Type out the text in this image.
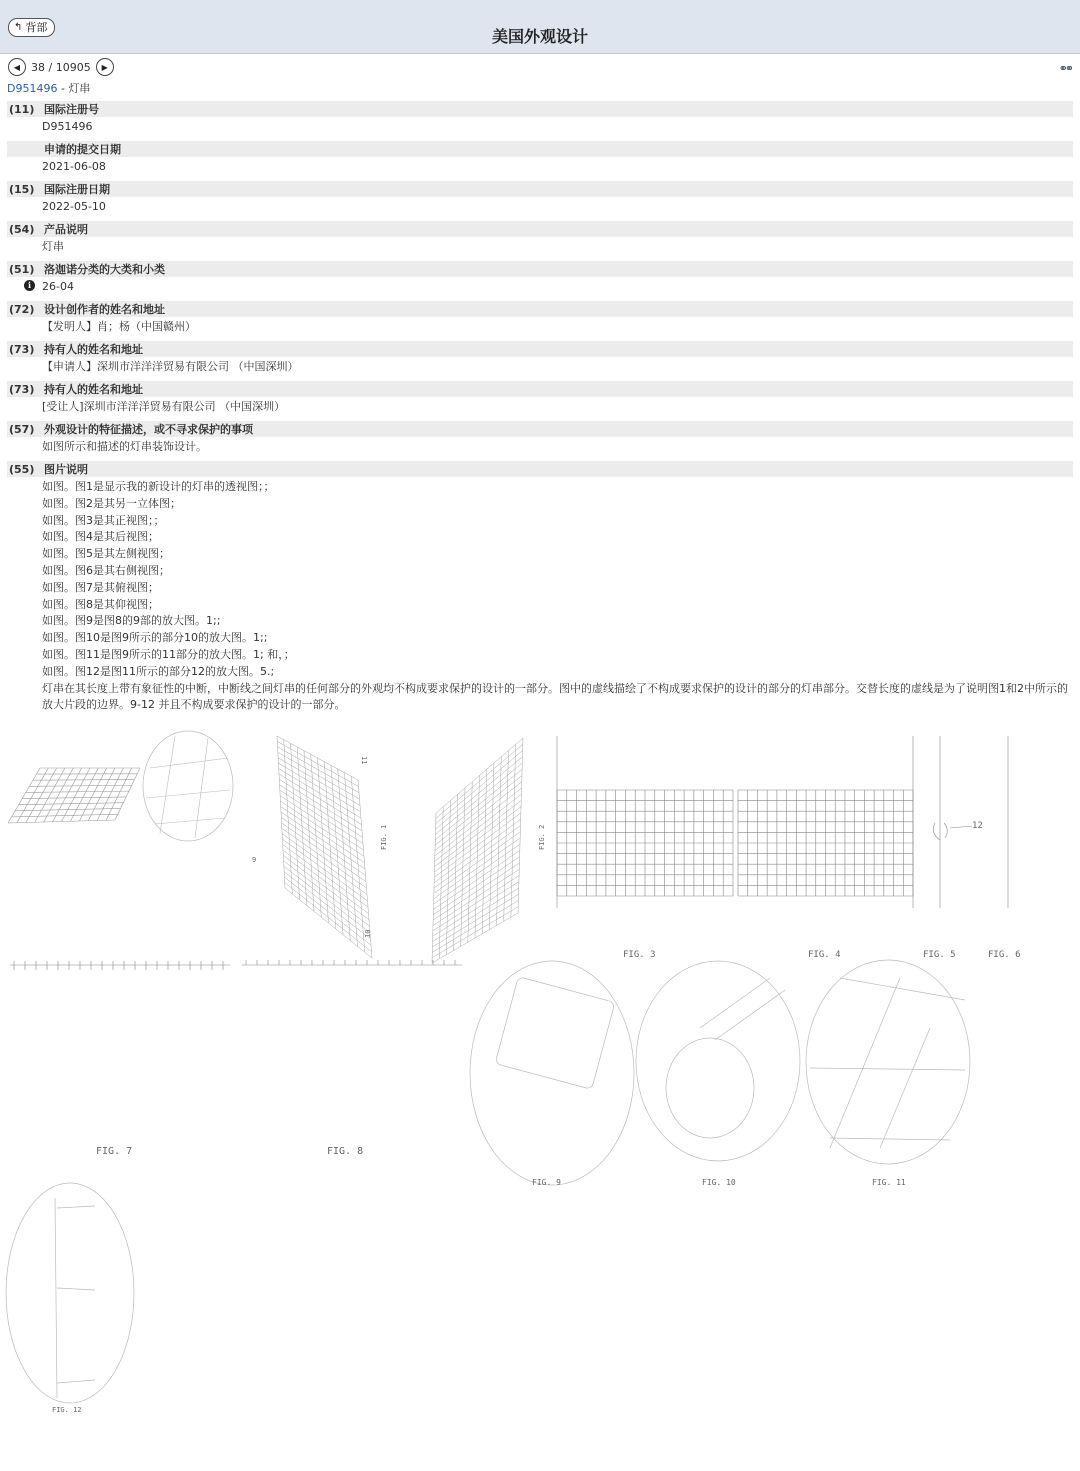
↰ 背部	美国外观设计
◀ 38 / 10905 ▶	⚭⚭
D951496 - 灯串
(11) 国际注册号
D951496
申请的提交日期
2021-06-08
(15) 国际注册日期
2022-05-10
(54) 产品说明
灯串
(51) 洛迦诺分类的大类和小类
i 26-04
(72) 设计创作者的姓名和地址
【发明人】肖；杨（中国赣州）
(73) 持有人的姓名和地址
【申请人】深圳市洋洋洋贸易有限公司 （中国深圳）
(73) 持有人的姓名和地址
[受让人]深圳市洋洋洋贸易有限公司 （中国深圳）
(57) 外观设计的特征描述，或不寻求保护的事项
如图所示和描述的灯串装饰设计。
(55) 图片说明
如图。图1是显示我的新设计的灯串的透视图；；
如图。图2是其另一立体图；
如图。图3是其正视图；；
如图。图4是其后视图；
如图。图5是其左侧视图；
如图。图6是其右侧视图；
如图。图7是其俯视图；
如图。图8是其仰视图；
如图。图9是图8的9部的放大图。1;;
如图。图10是图9所示的部分10的放大图。1;;
如图。图11是图9所示的11部分的放大图。1; 和，；
如图。图12是图11所示的部分12的放大图。5.;
灯串在其长度上带有象征性的中断，中断线之间灯串的任何部分的外观均不构成要求保护的设计的一部分。图中的虚线描绘了不构成要求保护的设计的部分的灯串部分。交替长度的虚线是为了说明图1和2中所示的放大片段的边界。9-12 并且不构成要求保护的设计的一部分。
FIG. 1	FIG. 2
9
10
11
12
FIG. 3	FIG. 4	FIG. 5	FIG. 6
FIG. 7	FIG. 8
FIG. 9	FIG. 10	FIG. 11
FIG. 12
